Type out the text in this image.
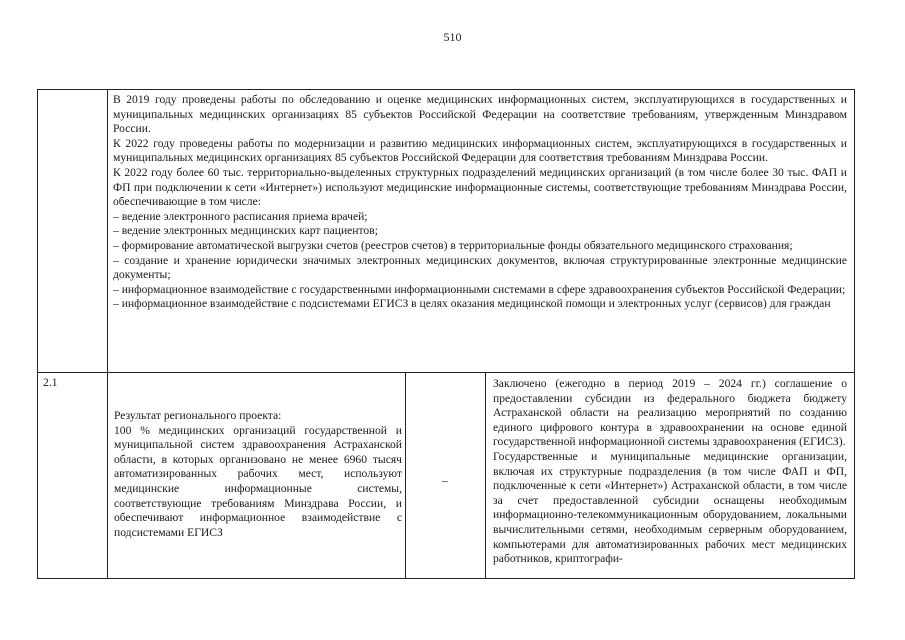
510

В 2019 году проведены работы по обследованию и оценке медицинских информационных систем, эксплуатирующихся в государственных и муниципальных медицинских организациях 85 субъектов Российской Федерации на соответствие требованиям, утвержденным Минздравом России.

К 2022 году проведены работы по модернизации и развитию медицинских информационных систем, эксплуатирующихся в государственных и муниципальных медицинских организациях 85 субъектов Российской Федерации для соответствия требованиям Минздрава России.

К 2022 году более 60 тыс. территориально-выделенных структурных подразделений медицинских организаций (в том числе более 30 тыс. ФАП и ФП при подключении к сети «Интернет») используют медицинские информационные системы, соответствующие требованиям Минздрава России, обеспечивающие в том числе:

– ведение электронного расписания приема врачей;

– ведение электронных медицинских карт пациентов;

– формирование автоматической выгрузки счетов (реестров счетов) в территориальные фонды обязательного медицинского страхования;

– создание и хранение юридически значимых электронных медицинских документов, включая структурированные электронные медицинские документы;

– информационное взаимодействие с государственными информационными системами в сфере здравоохранения субъектов Российской Федерации;

– информационное взаимодействие с подсистемами ЕГИСЗ в целях оказания медицинской помощи и электронных услуг (сервисов) для граждан

2.1

Результат регионального проекта:

100 % медицинских организаций государственной и муниципальной систем здравоохранения Астраханской области, в которых организовано не менее 6960 тысяч автоматизированных рабочих мест, используют медицинские информационные системы, соответствующие требованиям Минздрава России, и обеспечивают информационное взаимодействие с подсистемами ЕГИСЗ

–

Заключено (ежегодно в период 2019 – 2024 гг.) соглашение о предоставлении субсидии из федерального бюджета бюджету Астраханской области на реализацию мероприятий по созданию единого цифрового контура в здравоохранении на основе единой государственной информационной системы здравоохранения (ЕГИСЗ).

Государственные и муниципальные медицинские организации, включая их структурные подразделения (в том числе ФАП и ФП, подключенные к сети «Интернет») Астраханской области, в том числе за счет предоставленной субсидии оснащены необходимым информационно-телекоммуникационным оборудованием, локальными вычислительными сетями, необходимым серверным оборудованием, компьютерами для автоматизированных рабочих мест медицинских работников, криптографи-
